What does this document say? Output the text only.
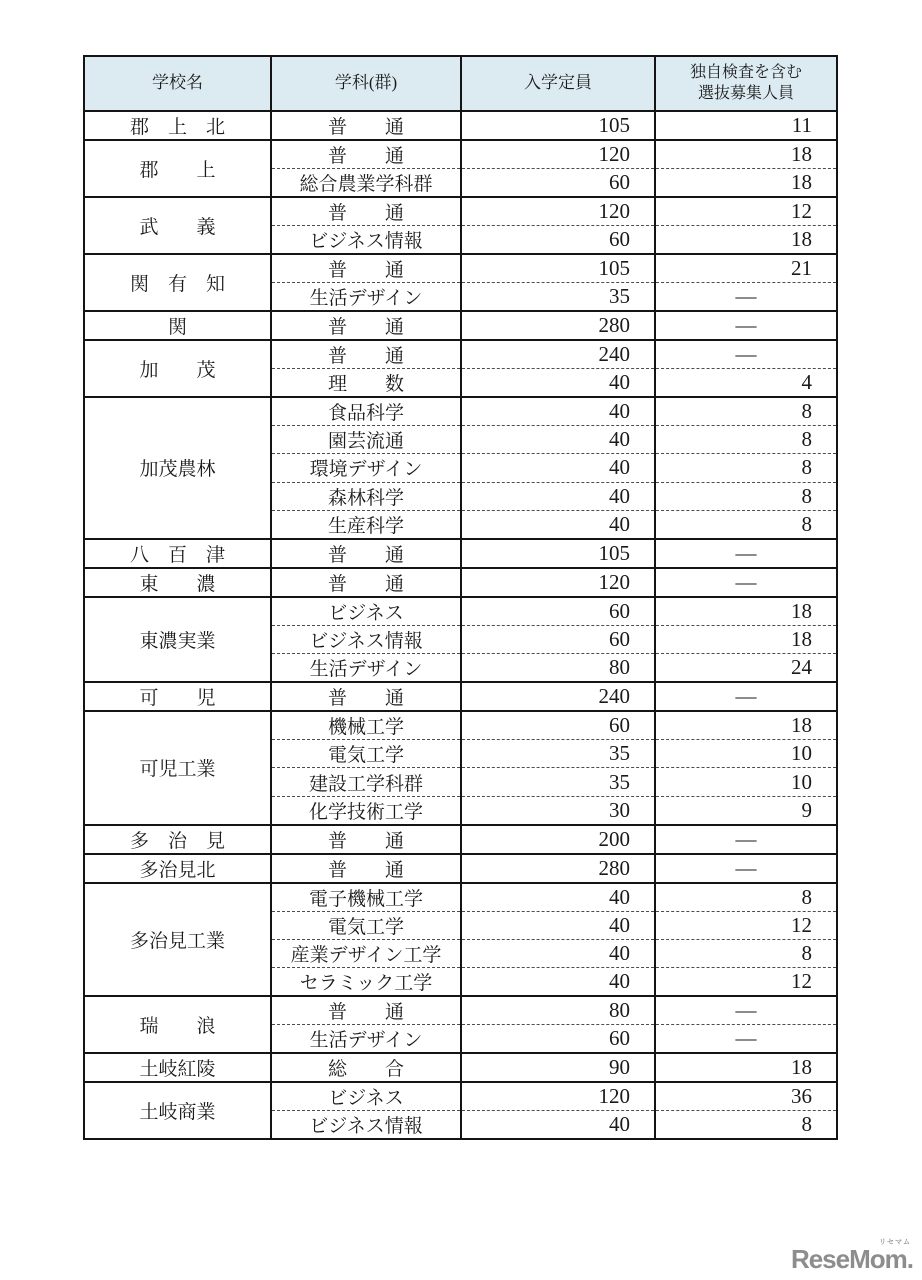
学校名	学科(群)	入学定員	独自検査を含む
選抜募集人員
郡　上　北	普　　通	105	11
郡　　上	普　　通	120	18
	総合農業学科群	60	18
武　　義	普　　通	120	12
	ビジネス情報	60	18
関　有　知	普　　通	105	21
	生活デザイン	35	—
関	普　　通	280	—
加　　茂	普　　通	240	—
	理　　数	40	4
加茂農林	食品科学	40	8
	園芸流通	40	8
	環境デザイン	40	8
	森林科学	40	8
	生産科学	40	8
八　百　津	普　　通	105	—
東　　濃	普　　通	120	—
東濃実業	ビジネス	60	18
	ビジネス情報	60	18
	生活デザイン	80	24
可　　児	普　　通	240	—
可児工業	機械工学	60	18
	電気工学	35	10
	建設工学科群	35	10
	化学技術工学	30	9
多　治　見	普　　通	200	—
多治見北	普　　通	280	—
多治見工業	電子機械工学	40	8
	電気工学	40	12
	産業デザイン工学	40	8
	セラミック工学	40	12
瑞　　浪	普　　通	80	—
	生活デザイン	60	—
土岐紅陵	総　　合	90	18
土岐商業	ビジネス	120	36
	ビジネス情報	40	8
リセマム
ReseMom.
